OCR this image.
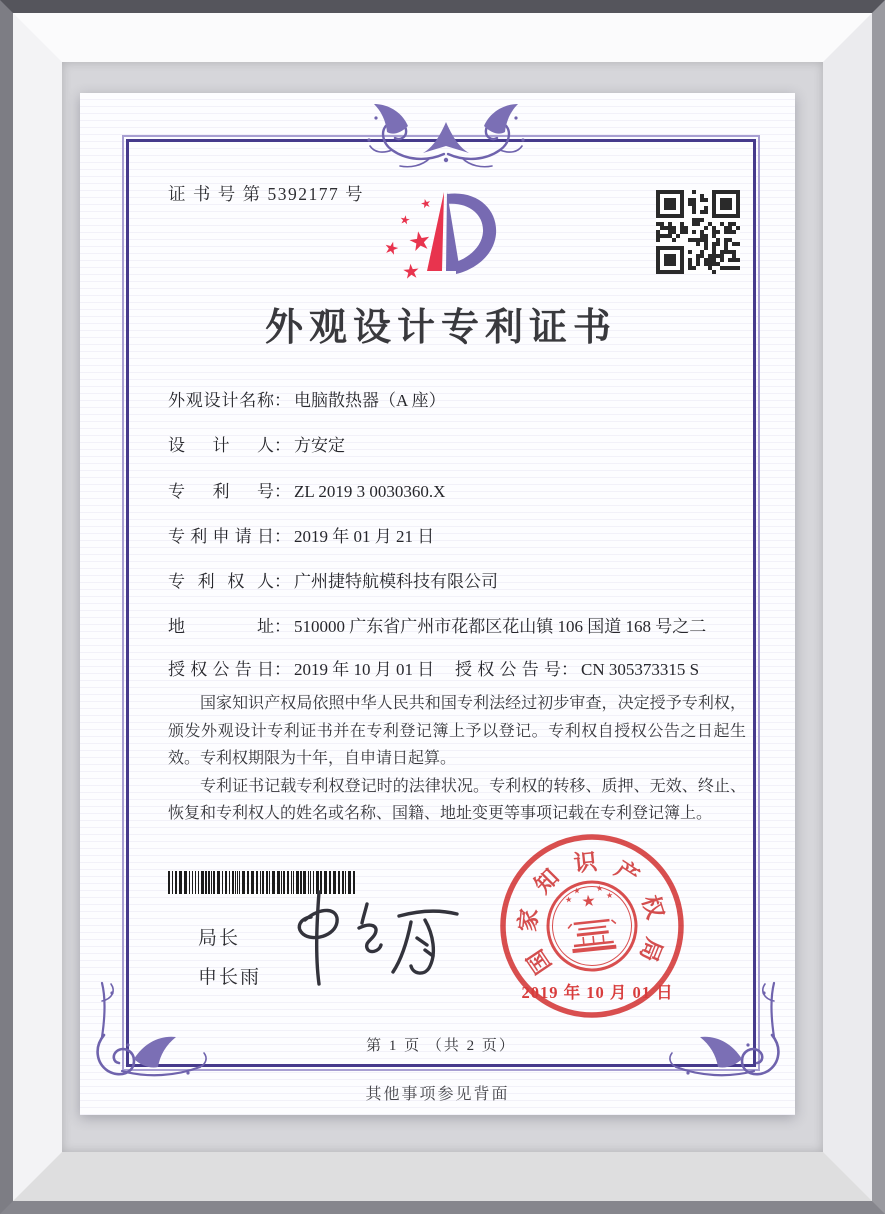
证 书 号 第 5392177 号	★
★
★
★
★
外观设计专利证书
外观设计名称： 电脑散热器（A 座）
设计人： 方安定
专利号： ZL 2019 3 0030360.X
专利申请日： 2019 年 01 月 21 日
专利权人： 广州捷特航模科技有限公司
地址： 510000 广东省广州市花都区花山镇 106 国道 168 号之二
授权公告日： 2019 年 10 月 01 日 授权公告号： CN 305373315 S

国家知识产权局依照中华人民共和国专利法经过初步审查，决定授予专利权，颁发外观设计专利证书并在专利登记簿上予以登记。专利权自授权公告之日起生效。专利权期限为十年，自申请日起算。

专利证书记载专利权登记时的法律状况。专利权的转移、质押、无效、终止、恢复和专利权人的姓名或名称、国籍、地址变更等事项记载在专利登记簿上。

局长
申长雨	国
家
知
识 产
权
局
★
★
★ ★
★
2019 年 10 月 01 日
第 1 页 （共 2 页）
其他事项参见背面
